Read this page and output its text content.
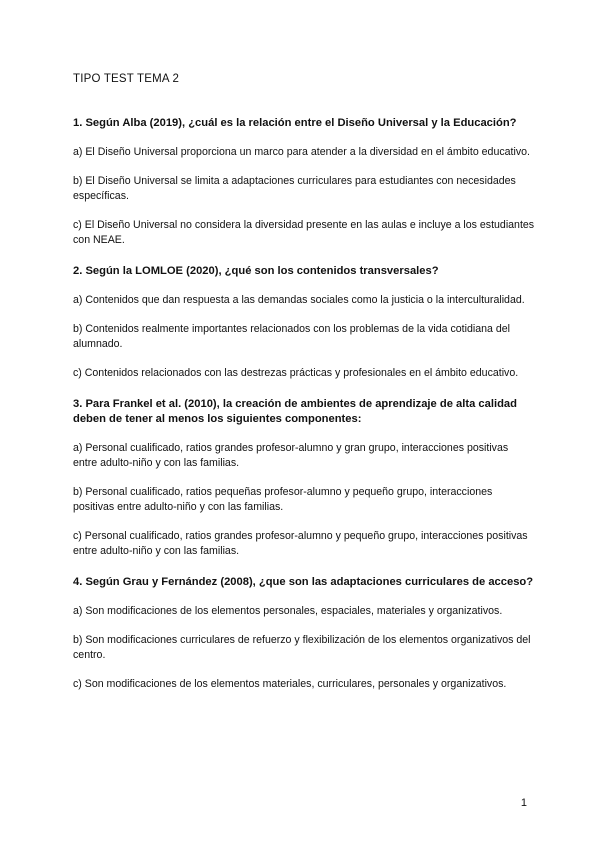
TIPO TEST TEMA 2

1. Según Alba (2019), ¿cuál es la relación entre el Diseño Universal y la Educación?

a) El Diseño Universal proporciona un marco para atender a la diversidad en el ámbito educativo.

b) El Diseño Universal se limita a adaptaciones curriculares para estudiantes con necesidades específicas.

c) El Diseño Universal no considera la diversidad presente en las aulas e incluye a los estudiantes con NEAE.

2. Según la LOMLOE (2020), ¿qué son los contenidos transversales?

a) Contenidos que dan respuesta a las demandas sociales como la justicia o la interculturalidad.

b) Contenidos realmente importantes relacionados con los problemas de la vida cotidiana del alumnado.

c) Contenidos relacionados con las destrezas prácticas y profesionales en el ámbito educativo.

3. Para Frankel et al. (2010), la creación de ambientes de aprendizaje de alta calidad deben de tener al menos los siguientes componentes:

a) Personal cualificado, ratios grandes profesor-alumno y gran grupo, interacciones positivas entre adulto-niño y con las familias.

b) Personal cualificado, ratios pequeñas profesor-alumno y pequeño grupo, interacciones positivas entre adulto-niño y con las familias.

c) Personal cualificado, ratios grandes profesor-alumno y pequeño grupo, interacciones positivas entre adulto-niño y con las familias.

4. Según Grau y Fernández (2008), ¿que son las adaptaciones curriculares de acceso?

a) Son modificaciones de los elementos personales, espaciales, materiales y organizativos.

b) Son modificaciones curriculares de refuerzo y flexibilización de los elementos organizativos del centro.

c) Son modificaciones de los elementos materiales, curriculares, personales y organizativos.

1
